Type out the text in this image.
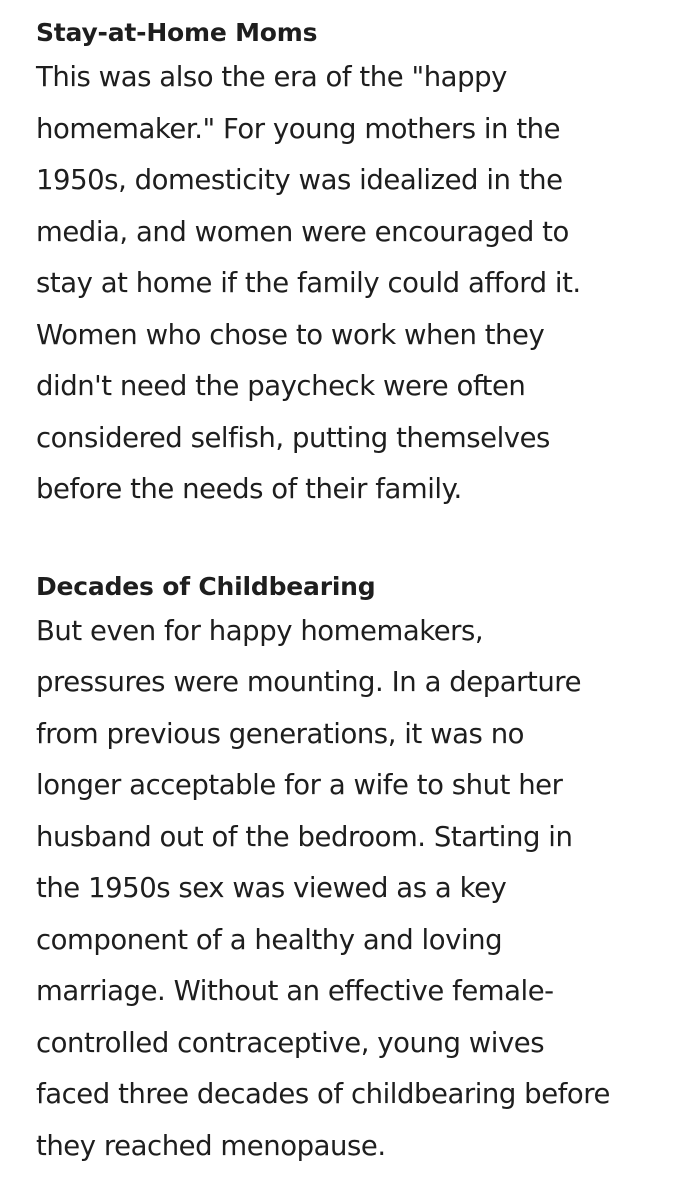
Stay-at-Home Moms
This was also the era of the "happy
homemaker." For young mothers in the
1950s, domesticity was idealized in the
media, and women were encouraged to
stay at home if the family could afford it.
Women who chose to work when they
didn't need the paycheck were often
considered selfish, putting themselves
before the needs of their family.
Decades of Childbearing
But even for happy homemakers,
pressures were mounting. In a departure
from previous generations, it was no
longer acceptable for a wife to shut her
husband out of the bedroom. Starting in
the 1950s sex was viewed as a key
component of a healthy and loving
marriage. Without an effective female-
controlled contraceptive, young wives
faced three decades of childbearing before
they reached menopause.
